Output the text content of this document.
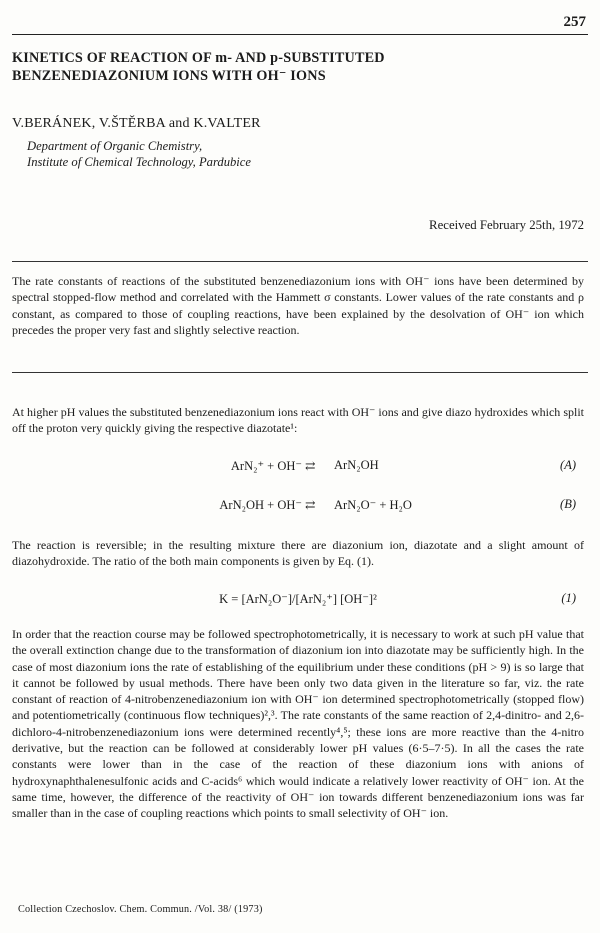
257
KINETICS OF REACTION OF m- AND p-SUBSTITUTED
BENZENEDIAZONIUM IONS WITH OH⁻ IONS
V.BERÁNEK, V.ŠTĚRBA and K.VALTER
Department of Organic Chemistry,
Institute of Chemical Technology, Pardubice
Received February 25th, 1972

The rate constants of reactions of the substituted benzenediazonium ions with OH⁻ ions have been determined by spectral stopped-flow method and correlated with the Hammett σ constants. Lower values of the rate constants and ρ constant, as compared to those of coupling reactions, have been explained by the desolvation of OH⁻ ion which precedes the proper very fast and slightly selective reaction.

At higher pH values the substituted benzenediazonium ions react with OH⁻ ions and give diazo hydroxides which split off the proton very quickly giving the respective diazotate¹:

ArN₂⁺ + OH⁻ ⇄ ArN₂OH	(A)
ArN₂OH + OH⁻ ⇄ ArN₂O⁻ + H₂O	(B)

The reaction is reversible; in the resulting mixture there are diazonium ion, diazotate and a slight amount of diazohydroxide. The ratio of the both main components is given by Eq. (1).

K = [ArN₂O⁻]/[ArN₂⁺] [OH⁻]²	(1)

In order that the reaction course may be followed spectrophotometrically, it is necessary to work at such pH value that the overall extinction change due to the transformation of diazonium ion into diazotate may be sufficiently high. In the case of most diazonium ions the rate of establishing of the equilibrium under these conditions (pH > 9) is so large that it cannot be followed by usual methods. There have been only two data given in the literature so far, viz. the rate constant of reaction of 4-nitrobenzenediazonium ion with OH⁻ ion determined spectrophotometrically (stopped flow) and potentiometrically (continuous flow techniques)²,³. The rate constants of the same reaction of 2,4-dinitro- and 2,6-dichloro-4-nitrobenzenediazonium ions were determined recently⁴,⁵; these ions are more reactive than the 4-nitro derivative, but the reaction can be followed at considerably lower pH values (6·5–7·5). In all the cases the rate constants were lower than in the case of the reaction of these diazonium ions with anions of hydroxynaphthalenesulfonic acids and C-acids⁶ which would indicate a relatively lower reactivity of OH⁻ ion. At the same time, however, the difference of the reactivity of OH⁻ ion towards different benzenediazonium ions was far smaller than in the case of coupling reactions which points to small selectivity of OH⁻ ion.

Collection Czechoslov. Chem. Commun. /Vol. 38/ (1973)
